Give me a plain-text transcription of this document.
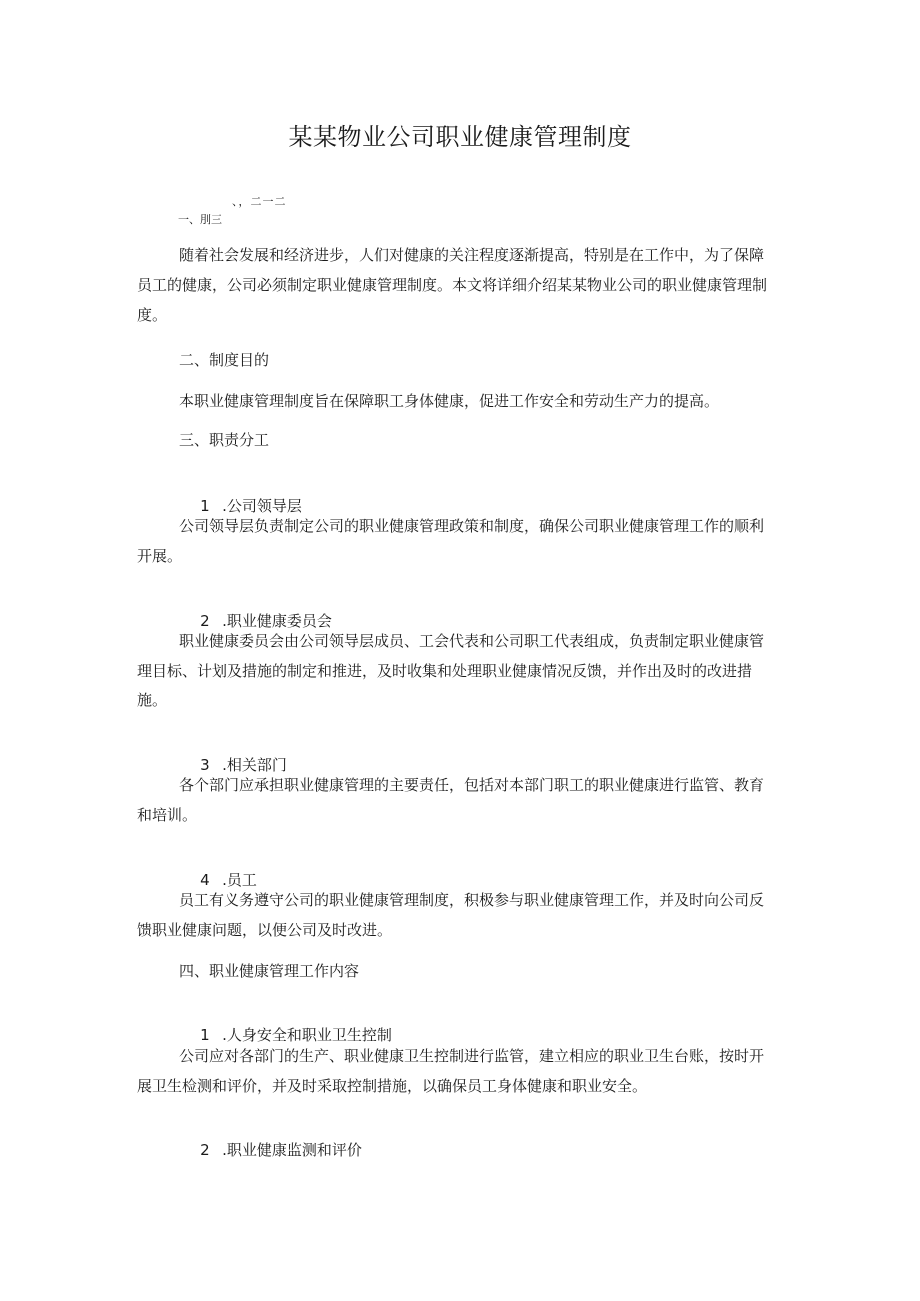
某某物业公司职业健康管理制度
、，二一二
一、刖三
随着社会发展和经济进步，人们对健康的关注程度逐渐提高，特别是在工作中，为了保障
员工的健康，公司必须制定职业健康管理制度。本文将详细介绍某某物业公司的职业健康管理制
度。
二、制度目的
本职业健康管理制度旨在保障职工身体健康，促进工作安全和劳动生产力的提高。
三、职责分工

1 .公司领导层

公司领导层负责制定公司的职业健康管理政策和制度，确保公司职业健康管理工作的顺利
开展。

2 .职业健康委员会

职业健康委员会由公司领导层成员、工会代表和公司职工代表组成，负责制定职业健康管
理目标、计划及措施的制定和推进，及时收集和处理职业健康情况反馈，并作出及时的改进措
施。

3 .相关部门

各个部门应承担职业健康管理的主要责任，包括对本部门职工的职业健康进行监管、教育
和培训。

4 .员工

员工有义务遵守公司的职业健康管理制度，积极参与职业健康管理工作，并及时向公司反
馈职业健康问题，以便公司及时改进。
四、职业健康管理工作内容

1 .人身安全和职业卫生控制

公司应对各部门的生产、职业健康卫生控制进行监管，建立相应的职业卫生台账，按时开
展卫生检测和评价，并及时采取控制措施，以确保员工身体健康和职业安全。

2 .职业健康监测和评价
